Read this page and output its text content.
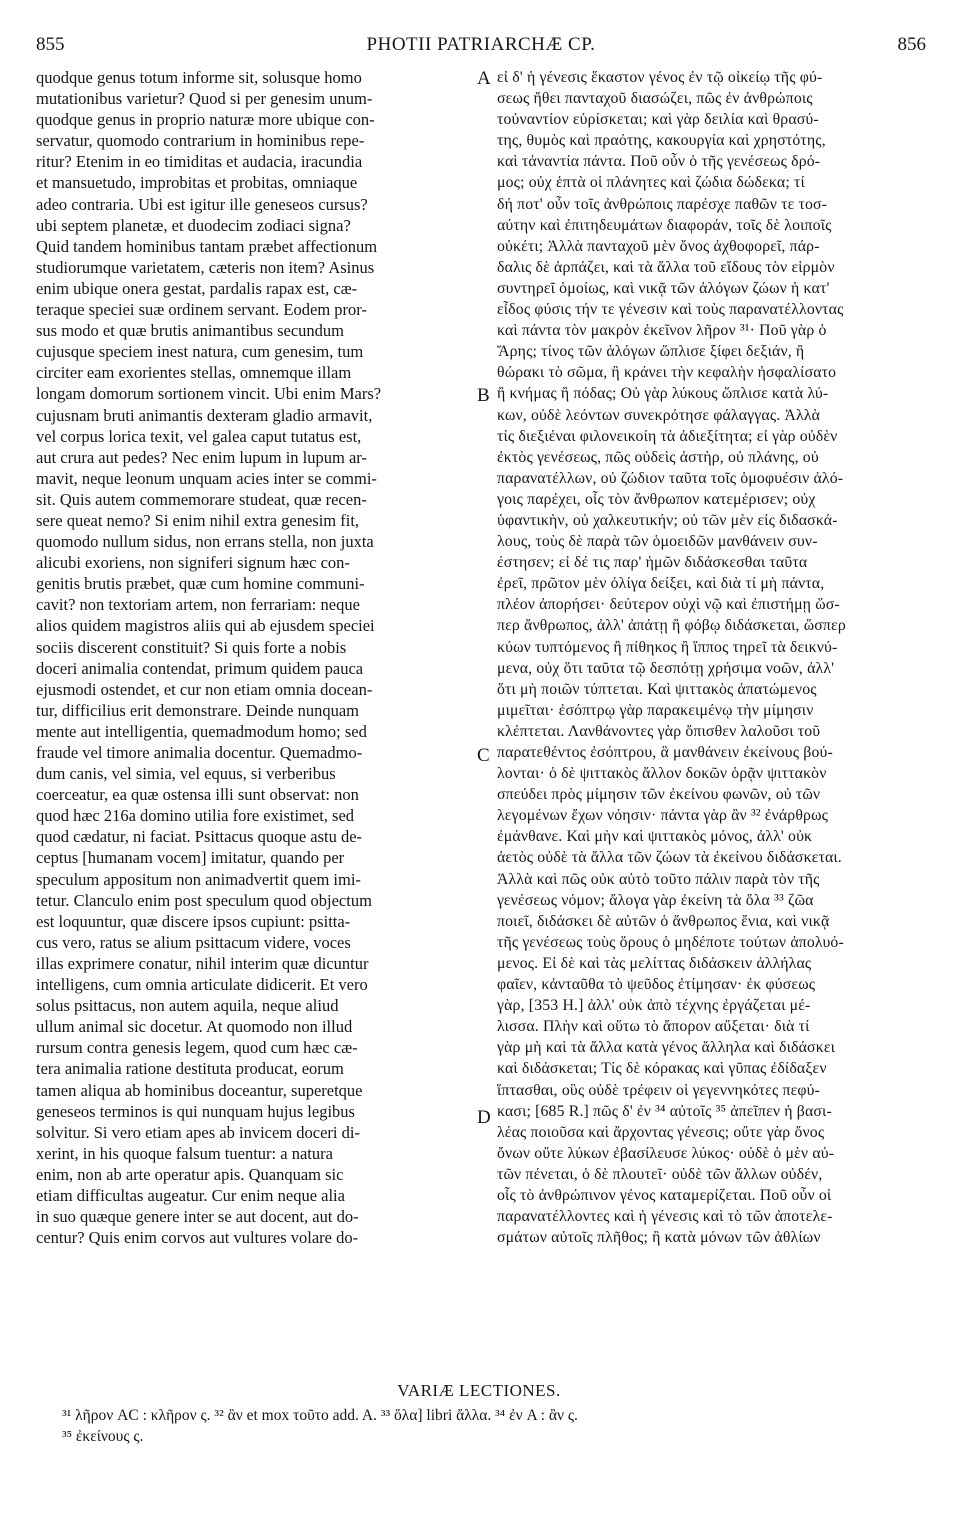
855	PHOTII PATRIARCHÆ CP.	856
quodque genus totum informe sit, solusque homo
mutationibus varietur? Quod si per genesim unum-
quodque genus in proprio naturæ more ubique con-
servatur, quomodo contrarium in hominibus repe-
ritur? Etenim in eo timiditas et audacia, iracundia
et mansuetudo, improbitas et probitas, omniaque
adeo contraria. Ubi est igitur ille geneseos cursus?
ubi septem planetæ, et duodecim zodiaci signa?
Quid tandem hominibus tantam præbet affectionum
studiorumque varietatem, cæteris non item? Asinus
enim ubique onera gestat, pardalis rapax est, cæ-
teraque speciei suæ ordinem servant. Eodem pror-
sus modo et quæ brutis animantibus secundum
cujusque speciem inest natura, cum genesim, tum
circiter eam exorientes stellas, omnemque illam
longam domorum sortionem vincit. Ubi enim Mars?
cujusnam bruti animantis dexteram gladio armavit,
vel corpus lorica texit, vel galea caput tutatus est,
aut crura aut pedes? Nec enim lupum in lupum ar-
mavit, neque leonum unquam acies inter se commi-
sit. Quis autem commemorare studeat, quæ recen-
sere queat nemo? Si enim nihil extra genesim fit,
quomodo nullum sidus, non errans stella, non juxta
alicubi exoriens, non signiferi signum hæc con-
genitis brutis præbet, quæ cum homine communi-
cavit? non textoriam artem, non ferrariam: neque
alios quidem magistros aliis qui ab ejusdem speciei
sociis discerent constituit? Si quis forte a nobis
doceri animalia contendat, primum quidem pauca
ejusmodi ostendet, et cur non etiam omnia docean-
tur, difficilius erit demonstrare. Deinde nunquam
mente aut intelligentia, quemadmodum homo; sed
fraude vel timore animalia docentur. Quemadmo-
dum canis, vel simia, vel equus, si verberibus
coerceatur, ea quæ ostensa illi sunt observat: non
quod hæc 216a domino utilia fore existimet, sed
quod cædatur, ni faciat. Psittacus quoque astu de-
ceptus [humanam vocem] imitatur, quando per
speculum appositum non animadvertit quem imi-
tetur. Clanculo enim post speculum quod objectum
est loquuntur, quæ discere ipsos cupiunt: psitta-
cus vero, ratus se alium psittacum videre, voces
illas exprimere conatur, nihil interim quæ dicuntur
intelligens, cum omnia articulate didicerit. Et vero
solus psittacus, non autem aquila, neque aliud
ullum animal sic docetur. At quomodo non illud
rursum contra genesis legem, quod cum hæc cæ-
tera animalia ratione destituta producat, eorum
tamen aliqua ab hominibus doceantur, superetque
geneseos terminos is qui nunquam hujus legibus
solvitur. Si vero etiam apes ab invicem doceri di-
xerint, in his quoque falsum tuentur: a natura
enim, non ab arte operatur apis. Quanquam sic
etiam difficultas augeatur. Cur enim neque alia
in suo quæque genere inter se aut docent, aut do-
centur? Quis enim corvos aut vultures volare do-
εἰ δ' ἡ γένεσις ἕκαστον γένος ἐν τῷ οἰκείῳ τῆς φύ-
σεως ἤθει πανταχοῦ διασώζει, πῶς ἐν ἀνθρώποις
τοὐναντίον εὑρίσκεται; καὶ γὰρ δειλία καὶ θρασύ-
της, θυμὸς καὶ πραότης, κακουργία καὶ χρηστότης,
καὶ τἀναντία πάντα. Ποῦ οὖν ὁ τῆς γενέσεως δρό-
μος; οὐχ ἑπτὰ οἱ πλάνητες καὶ ζώδια δώδεκα; τί
δή ποτ' οὖν τοῖς ἀνθρώποις παρέσχε παθῶν τε τοσ-
αύτην καὶ ἐπιτηδευμάτων διαφοράν, τοῖς δὲ λοιποῖς
οὐκέτι; Ἀλλὰ πανταχοῦ μὲν ὄνος ἀχθοφορεῖ, πάρ-
δαλις δὲ ἁρπάζει, καὶ τὰ ἄλλα τοῦ εἴδους τὸν εἱρμὸν
συντηρεῖ ὁμοίως, καὶ νικᾷ τῶν ἀλόγων ζώων ἡ κατ'
εἶδος φύσις τήν τε γένεσιν καὶ τοὺς παρανατέλλοντας
καὶ πάντα τὸν μακρὸν ἐκεῖνον λῆρον ³¹· Ποῦ γὰρ ὁ
Ἄρης; τίνος τῶν ἀλόγων ὥπλισε ξίφει δεξιάν, ἢ
θώρακι τὸ σῶμα, ἢ κράνει τὴν κεφαλὴν ἠσφαλίσατο
ἢ κνήμας ἢ πόδας; Οὐ γὰρ λύκους ὥπλισε κατὰ λύ-
κων, οὐδὲ λεόντων συνεκρότησε φάλαγγας. Ἀλλὰ
τίς διεξιέναι φιλονεικοίη τὰ ἀδιεξίτητα; εἰ γὰρ οὐδὲν
ἐκτὸς γενέσεως, πῶς οὐδεὶς ἀστὴρ, οὐ πλάνης, οὐ
παρανατέλλων, οὐ ζώδιον ταῦτα τοῖς ὁμοφυέσιν ἀλό-
γοις παρέχει, οἷς τὸν ἄνθρωπον κατεμέρισεν; οὐχ
ὑφαντικὴν, οὐ χαλκευτικήν; οὐ τῶν μὲν εἰς διδασκά-
λους, τοὺς δὲ παρὰ τῶν ὁμοειδῶν μανθάνειν συν-
έστησεν; εἰ δέ τις παρ' ἡμῶν διδάσκεσθαι ταῦτα
ἐρεῖ, πρῶτον μὲν ὀλίγα δείξει, καὶ διὰ τί μὴ πάντα,
πλέον ἀπορήσει· δεύτερον οὐχὶ νῷ καὶ ἐπιστήμῃ ὥσ-
περ ἄνθρωπος, ἀλλ' ἀπάτῃ ἢ φόβῳ διδάσκεται, ὥσπερ
κύων τυπτόμενος ἢ πίθηκος ἢ ἵππος τηρεῖ τὰ δεικνύ-
μενα, οὐχ ὅτι ταῦτα τῷ δεσπότῃ χρήσιμα νοῶν, ἀλλ'
ὅτι μὴ ποιῶν τύπτεται. Καὶ ψιττακὸς ἀπατώμενος
μιμεῖται· ἐσόπτρῳ γὰρ παρακειμένῳ τὴν μίμησιν
κλέπτεται. Λανθάνοντες γὰρ ὄπισθεν λαλοῦσι τοῦ
παρατεθέντος ἐσόπτρου, ἃ μανθάνειν ἐκείνους βού-
λονται· ὁ δὲ ψιττακὸς ἄλλον δοκῶν ὁρᾷν ψιττακὸν
σπεύδει πρὸς μίμησιν τῶν ἐκείνου φωνῶν, οὐ τῶν
λεγομένων ἔχων νόησιν· πάντα γὰρ ἂν ³² ἐνάρθρως
ἐμάνθανε. Καὶ μὴν καὶ ψιττακὸς μόνος, ἀλλ' οὐκ
ἀετὸς οὐδὲ τὰ ἄλλα τῶν ζώων τὰ ἐκείνου διδάσκεται.
Ἀλλὰ καὶ πῶς οὐκ αὐτὸ τοῦτο πάλιν παρὰ τὸν τῆς
γενέσεως νόμον; ἄλογα γὰρ ἐκείνη τὰ ὅλα ³³ ζῶα
ποιεῖ, διδάσκει δὲ αὐτῶν ὁ ἄνθρωπος ἔνια, καὶ νικᾷ
τῆς γενέσεως τοὺς ὅρους ὁ μηδέποτε τούτων ἀπολυό-
μενος. Εἰ δὲ καὶ τὰς μελίττας διδάσκειν ἀλλήλας
φαῖεν, κἀνταῦθα τὸ ψεῦδος ἐτίμησαν· ἐκ φύσεως
γὰρ, [353 H.] ἀλλ' οὐκ ἀπὸ τέχνης ἐργάζεται μέ-
λισσα. Πλὴν καὶ οὕτω τὸ ἄπορον αὔξεται· διὰ τί
γὰρ μὴ καὶ τὰ ἄλλα κατὰ γένος ἄλληλα καὶ διδάσκει
καὶ διδάσκεται; Τίς δὲ κόρακας καὶ γῦπας ἐδίδαξεν
ἵπτασθαι, οὓς οὐδὲ τρέφειν οἱ γεγεννηκότες πεφύ-
κασι; [685 R.] πῶς δ' ἐν ³⁴ αὐτοῖς ³⁵ ἀπεῖπεν ἡ βασι-
λέας ποιοῦσα καὶ ἄρχοντας γένεσις; οὔτε γὰρ ὄνος
ὄνων οὔτε λύκων ἐβασίλευσε λύκος· οὐδὲ ὁ μὲν αὐ-
τῶν πένεται, ὁ δὲ πλουτεῖ· οὐδὲ τῶν ἄλλων οὐδέν,
οἷς τὸ ἀνθρώπινον γένος καταμερίζεται. Ποῦ οὖν οἱ
παρανατέλλοντες καὶ ἡ γένεσις καὶ τὸ τῶν ἀποτελε-
σμάτων αὐτοῖς πλῆθος; ἢ κατὰ μόνων τῶν ἀθλίων
A
B
C
D
VARIÆ LECTIONES.
³¹ λῆρον AC : κλῆρον ς. ³² ἂν et mox τοῦτο add. A. ³³ ὅλα] libri ἄλλα. ³⁴ ἐν A : ἂν ς.
³⁵ ἐκείνους ς.
